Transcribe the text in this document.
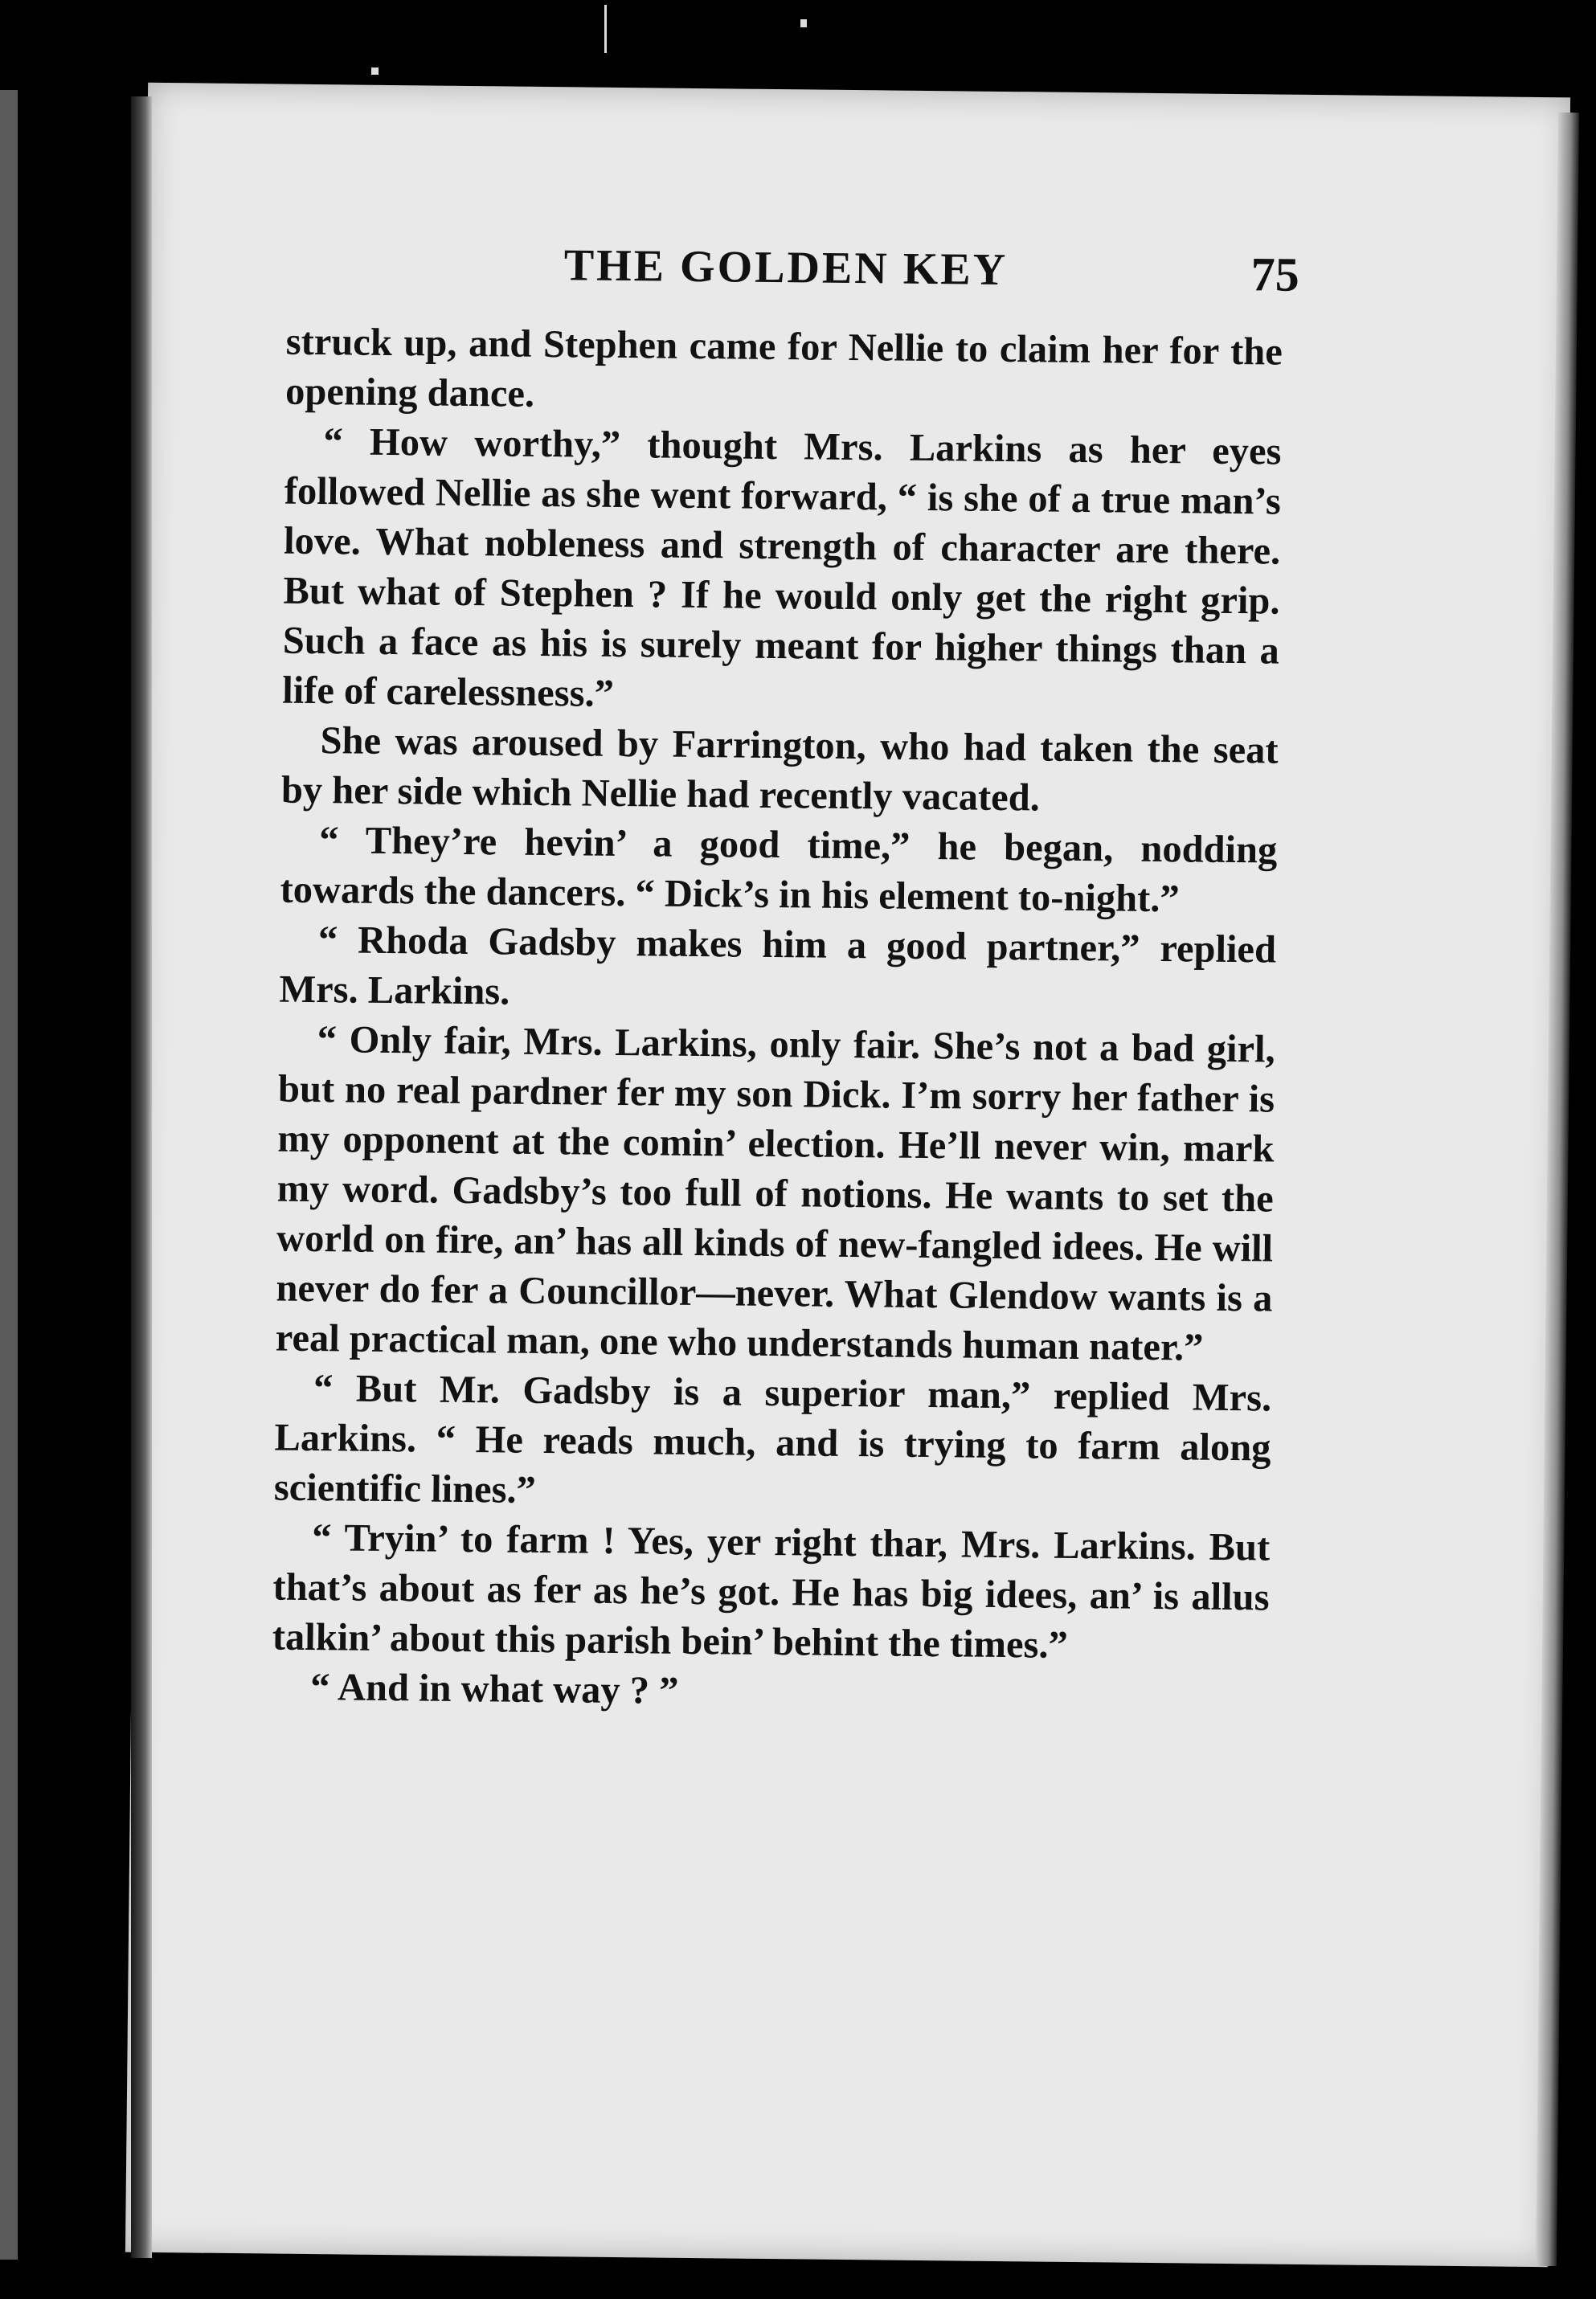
THE GOLDEN KEY	75

struck up, and Stephen came for Nellie to claim her for the opening dance.

“ How worthy,” thought Mrs. Larkins as her eyes followed Nellie as she went forward, “ is she of a true man’s love. What nobleness and strength of character are there. But what of Stephen ? If he would only get the right grip. Such a face as his is surely meant for higher things than a life of carelessness.”

She was aroused by Farrington, who had taken the seat by her side which Nellie had recently vacated.

“ They’re hevin’ a good time,” he began, nodding towards the dancers. “ Dick’s in his element to-night.”

“ Rhoda Gadsby makes him a good partner,” replied Mrs. Larkins.

“ Only fair, Mrs. Larkins, only fair. She’s not a bad girl, but no real pardner fer my son Dick. I’m sorry her father is my opponent at the comin’ election. He’ll never win, mark my word. Gadsby’s too full of notions. He wants to set the world on fire, an’ has all kinds of new-fangled idees. He will never do fer a Councillor—never. What Glendow wants is a real practical man, one who understands human nater.”

“ But Mr. Gadsby is a superior man,” replied Mrs. Larkins. “ He reads much, and is trying to farm along scientific lines.”

“ Tryin’ to farm ! Yes, yer right thar, Mrs. Larkins. But that’s about as fer as he’s got. He has big idees, an’ is allus talkin’ about this parish bein’ behint the times.”

“ And in what way ? ”
